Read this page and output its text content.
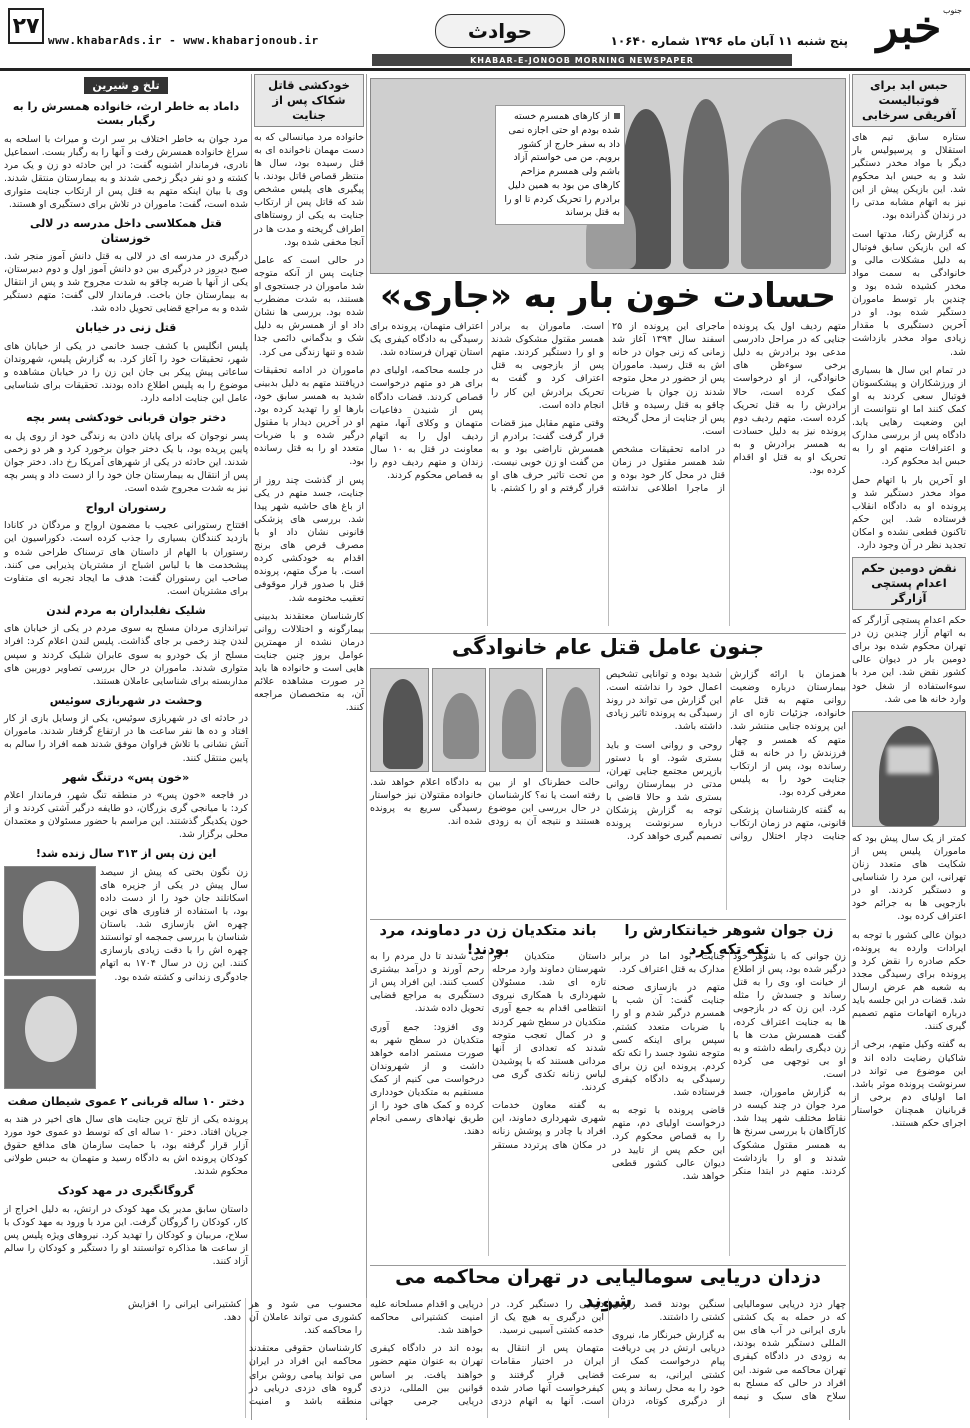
۲۷
www.khabarAds.ir - www.khabarjonoub.ir	حوادث	پنج شنبه ۱۱ آبان ماه ۱۳۹۶ شماره ۱۰۶۴۰ خبر جنوب
KHABAR-E-JONOOB MORNING NEWSPAPER
تلخ و شیرین
داماد به خاطر ارث، خانواده همسرش را به رگبار بست
مرد جوان به خاطر اختلاف بر سر ارث و میراث با اسلحه به سراغ خانواده همسرش رفت و آنها را به رگبار بست. اسماعیل نادری، فرماندار اشنویه گفت: در این حادثه دو زن و یک مرد کشته و دو نفر دیگر زخمی شدند و به بیمارستان منتقل شدند. وی با بیان اینکه متهم به قتل پس از ارتکاب جنایت متواری شده است، گفت: ماموران در تلاش برای دستگیری او هستند.
قتل همکلاسی داخل مدرسه در لالی خوزستان
درگیری در مدرسه ای در لالی به قتل دانش آموز منجر شد. صبح دیروز در درگیری بین دو دانش آموز اول و دوم دبیرستان، یکی از آنها با ضربه چاقو به شدت مجروح شد و پس از انتقال به بیمارستان جان باخت. فرماندار لالی گفت: متهم دستگیر شده و به مراجع قضایی تحویل داده شد.
قتل زنی در خیابان
پلیس انگلیس با کشف جسد خانمی در یکی از خیابان های شهر، تحقیقات خود را آغاز کرد. به گزارش پلیس، شهروندان ساعاتی پیش پیکر بی جان این زن را در خیابان مشاهده و موضوع را به پلیس اطلاع داده بودند. تحقیقات برای شناسایی عامل این جنایت ادامه دارد.
دختر جوان قربانی خودکشی پسر بچه
پسر نوجوان که برای پایان دادن به زندگی خود از روی پل به پایین پریده بود، با یک دختر جوان برخورد کرد و هر دو زخمی شدند. این حادثه در یکی از شهرهای آمریکا رخ داد. دختر جوان پس از انتقال به بیمارستان جان خود را از دست داد و پسر بچه نیز به شدت مجروح شده است.
رستوران ارواح
افتتاح رستورانی عجیب با مضمون ارواح و مردگان در کانادا بازدید کنندگان بسیاری را جذب کرده است. دکوراسیون این رستوران با الهام از داستان های ترسناک طراحی شده و پیشخدمت ها با لباس اشباح از مشتریان پذیرایی می کنند. صاحب این رستوران گفت: هدف ما ایجاد تجربه ای متفاوت برای مشتریان است.
شلیک نفلبداران به مردم لندن
تیراندازی مردان مسلح به سوی مردم در یکی از خیابان های لندن چند زخمی بر جای گذاشت. پلیس لندن اعلام کرد: افراد مسلح از یک خودرو به سوی عابران شلیک کردند و سپس متواری شدند. ماموران در حال بررسی تصاویر دوربین های مداربسته برای شناسایی عاملان هستند.
وحشت در شهربازی سوئیس
در حادثه ای در شهربازی سوئیس، یکی از وسایل بازی از کار افتاد و ده ها نفر ساعت ها در ارتفاع گرفتار شدند. ماموران آتش نشانی با تلاش فراوان موفق شدند همه افراد را سالم به پایین منتقل کنند.
«خون پس» درتنگ شهر
در فاجعه «خون پس» در منطقه تنگ شهر، فرماندار اعلام کرد: با میانجی گری بزرگان، دو طایفه درگیر آشتی کردند و از خون یکدیگر گذشتند. این مراسم با حضور مسئولان و معتمدان محلی برگزار شد.
این زن پس از ۳۱۳ سال زنده شد!
زن نگون بختی که پیش از سیصد سال پیش در یکی از جزیره های اسکاتلند جان خود را از دست داده بود، با استفاده از فناوری های نوین چهره اش بازسازی شد. باستان شناسان با بررسی جمجمه او توانستند چهره اش را با دقت زیادی بازسازی کنند. این زن در سال ۱۷۰۴ به اتهام جادوگری زندانی و کشته شده بود.
دختر ۱۰ ساله قربانی ۲ عموی شیطان صفت
پرونده یکی از تلخ ترین جنایت های سال های اخیر در هند به جریان افتاد. دختر ۱۰ ساله ای که توسط دو عموی خود مورد آزار قرار گرفته بود، با حمایت سازمان های مدافع حقوق کودکان پرونده اش به دادگاه رسید و متهمان به حبس طولانی محکوم شدند.
گروگانگیری در مهد کودک
داستان سابق مدیر یک مهد کودک در ارتش، به دلیل اخراج از کار، کودکان را گروگان گرفت. این مرد با ورود به مهد کودک با سلاح، مربیان و کودکان را تهدید کرد. نیروهای ویژه پلیس پس از ساعت ها مذاکره توانستند او را دستگیر و کودکان را سالم آزاد کنند.
خودکشی قاتل شکاک پس از جنایت
خانواده مرد میانسالی که به دست مهمان ناخوانده ای به قتل رسیده بود، سال ها منتظر قصاص قاتل بودند. با پیگیری های پلیس مشخص شد که قاتل پس از ارتکاب جنایت به یکی از روستاهای اطراف گریخته و مدت ها در آنجا مخفی شده بود.
در حالی است که عامل جنایت پس از آنکه متوجه شد ماموران در جستجوی او هستند، به شدت مضطرب شده بود. بررسی ها نشان داد او از همسرش به دلیل شک و بدگمانی دائمی جدا شده و تنها زندگی می کرد.
ماموران در ادامه تحقیقات دریافتند متهم به دلیل بدبینی شدید به همسر سابق خود، بارها او را تهدید کرده بود. او در آخرین دیدار با مقتول درگیر شده و با ضربات متعدد او را به قتل رسانده بود.
پس از گذشت چند روز از جنایت، جسد متهم در یکی از باغ های حاشیه شهر پیدا شد. بررسی های پزشکی قانونی نشان داد او با مصرف قرص های برنج اقدام به خودکشی کرده است. با مرگ متهم، پرونده قتل با صدور قرار موقوفی تعقیب مختومه شد.
کارشناسان معتقدند بدبینی بیمارگونه و اختلالات روانی درمان نشده از مهمترین عوامل بروز چنین جنایت هایی است و خانواده ها باید در صورت مشاهده علائم آن، به متخصصان مراجعه کنند.
از کارهای همسرم خسته شده بودم او حتی اجازه نمی داد به سفر خارج از کشور برویم. من می خواستم آزاد باشم ولی همسرم مزاحم کارهای من بود به همین دلیل برادرم را تحریک کردم تا او را به قتل برساند
حسادت خون بار به «جاری»
متهم ردیف اول یک پرونده جنایی که در مراحل دادرسی مدعی بود برادرش به دلیل برخی سوءظن های خانوادگی، از او درخواست کمک کرده است، حالا برادرش را به قتل تحریک کرده است. متهم ردیف دوم پرونده نیز به دلیل حسادت به همسر برادرش و به تحریک او به قتل او اقدام کرده بود.
ماجرای این پرونده از ۲۵ اسفند سال ۱۳۹۴ آغاز شد زمانی که زنی جوان در خانه اش به قتل رسید. ماموران پس از حضور در محل متوجه شدند زن جوان با ضربات چاقو به قتل رسیده و قاتل پس از جنایت از محل گریخته است.
در ادامه تحقیقات مشخص شد همسر مقتول در زمان قتل در محل کار خود بوده و از ماجرا اطلاعی نداشته است. ماموران به برادر همسر مقتول مشکوک شدند و او را دستگیر کردند. متهم پس از بازجویی به قتل اعتراف کرد و گفت به تحریک برادرش این کار را انجام داده است.
وقتی متهم مقابل میز قضات قرار گرفت گفت: برادرم از همسرش ناراضی بود و به من گفت او زن خوبی نیست. من تحت تاثیر حرف های او قرار گرفتم و او را کشتم. با اعتراف متهمان، پرونده برای رسیدگی به دادگاه کیفری یک استان تهران فرستاده شد.
در جلسه محاکمه، اولیای دم برای هر دو متهم درخواست قصاص کردند. قضات دادگاه پس از شنیدن دفاعیات متهمان و وکلای آنها، متهم ردیف اول را به اتهام معاونت در قتل به ۱۰ سال زندان و متهم ردیف دوم را به قصاص محکوم کردند.
جنون عامل قتل عام خانوادگی
همزمان با ارائه گزارش بیمارستان درباره وضعیت روانی متهم به قتل عام خانواده، جزئیات تازه ای از این پرونده جنایی منتشر شد. متهم که همسر و چهار فرزندش را در خانه به قتل رسانده بود، پس از ارتکاب جنایت خود را به پلیس معرفی کرده بود.
به گفته کارشناسان پزشکی قانونی، متهم در زمان ارتکاب جنایت دچار اختلال روانی شدید بوده و توانایی تشخیص اعمال خود را نداشته است. این گزارش می تواند در روند رسیدگی به پرونده تاثیر زیادی داشته باشد.
روحی و روانی است و باید بستری شود. او با دستور بازپرس مجتمع جنایی تهران، مدتی در بیمارستان روانی بستری شد و حالا قاضی با توجه به گزارش پزشکان درباره سرنوشت پرونده تصمیم گیری خواهد کرد.
حالت خطرناک او از بین رفته است یا نه؟ کارشناسان در حال بررسی این موضوع هستند و نتیجه آن به زودی به دادگاه اعلام خواهد شد. خانواده مقتولان نیز خواستار رسیدگی سریع به پرونده شده اند.
باند متکدیان زن در دماوند، مرد بودند!
داستان متکدیان در شهرستان دماوند وارد مرحله تازه ای شد. مسئولان شهرداری با همکاری نیروی انتظامی اقدام به جمع آوری متکدیان در سطح شهر کردند و در کمال تعجب متوجه شدند که تعدادی از آنها مردانی هستند که با پوشیدن لباس زنانه تکدی گری می کردند.
به گفته معاون خدمات شهری شهرداری دماوند، این افراد با چادر و پوشش زنانه در مکان های پرتردد مستقر می شدند تا دل مردم را به رحم آورند و درآمد بیشتری کسب کنند. این افراد پس از دستگیری به مراجع قضایی تحویل داده شدند.
وی افزود: جمع آوری متکدیان در سطح شهر به صورت مستمر ادامه خواهد داشت و از شهروندان درخواست می کنیم از کمک مستقیم به متکدیان خودداری کرده و کمک های خود را از طریق نهادهای رسمی انجام دهند.
زن جوان شوهر خیانتکارش را تکه تکه کرد
زن جوانی که با شوهر خود درگیر شده بود، پس از اطلاع از خیانت او، وی را به قتل رساند و جسدش را مثله کرد. این زن که در بازجویی ها به جنایت اعتراف کرده، گفت همسرش مدت ها با زن دیگری رابطه داشته و به او بی توجهی می کرده است.
به گزارش ماموران، جسد مرد جوان در چند کیسه در نقاط مختلف شهر پیدا شد. کارآگاهان با بررسی سرنخ ها به همسر مقتول مشکوک شدند و او را بازداشت کردند. متهم در ابتدا منکر جنایت بود اما در برابر مدارک به قتل اعتراف کرد.
متهم در بازسازی صحنه جنایت گفت: آن شب با همسرم درگیر شدم و او را با ضربات متعدد کشتم. سپس برای اینکه کسی متوجه نشود جسد را تکه تکه کردم. پرونده این زن برای رسیدگی به دادگاه کیفری فرستاده شد.
قاضی پرونده با توجه به درخواست اولیای دم، متهم را به قصاص محکوم کرد. این حکم پس از تایید در دیوان عالی کشور قطعی خواهد شد.
دزدان دریایی سومالیایی در تهران محاکمه می شوند	چهار دزد دریایی سومالیایی که در حمله به یک کشتی باری ایرانی در آب های بین المللی دستگیر شده بودند، به زودی در دادگاه کیفری تهران محاکمه می شوند. این افراد در حالی که مسلح به سلاح های سبک و نیمه سنگین بودند قصد ربودن کشتی را داشتند.
به گزارش خبرنگار ما، نیروی دریایی ارتش در پی دریافت پیام درخواست کمک از کشتی ایرانی، به سرعت خود را به محل رساند و پس از درگیری کوتاه، دزدان دریایی را دستگیر کرد. در این درگیری به هیچ یک از خدمه کشتی آسیبی نرسید.
متهمان پس از انتقال به ایران در اختیار مقامات قضایی قرار گرفتند و کیفرخواست آنها صادر شده است. آنها به اتهام دزدی دریایی و اقدام مسلحانه علیه امنیت کشتیرانی محاکمه خواهند شد.
بوده اند در دادگاه کیفری تهران به عنوان متهم حضور خواهند یافت. بر اساس قوانین بین المللی، دزدی دریایی جرمی جهانی محسوب می شود و هر کشوری می تواند عاملان آن را محاکمه کند.
کارشناسان حقوقی معتقدند محاکمه این افراد در ایران می تواند پیامی روشن برای گروه های دزدی دریایی در منطقه باشد و امنیت کشتیرانی ایرانی را افزایش دهد.
حبس ابد برای فوتبالیست آفریقی سرخابی
ستاره سابق تیم های استقلال و پرسپولیس بار دیگر با مواد مخدر دستگیر شد و به حبس ابد محکوم شد. این بازیکن پیش از این نیز به اتهام مشابه مدتی را در زندان گذرانده بود.
به گزارش رکنا، مدتها است که این بازیکن سابق فوتبال به دلیل مشکلات مالی و خانوادگی به سمت مواد مخدر کشیده شده بود و چندین بار توسط ماموران دستگیر شده بود. او در آخرین دستگیری با مقدار زیادی مواد مخدر بازداشت شد.
در تمام این سال ها بسیاری از ورزشکاران و پیشکسوتان فوتبال سعی کردند به او کمک کنند اما او نتوانست از این وضعیت رهایی یابد. دادگاه پس از بررسی مدارک و اعترافات متهم او را به حبس ابد محکوم کرد.
او آخرین بار با اتهام حمل مواد مخدر دستگیر شد و پرونده او به دادگاه انقلاب فرستاده شد. این حکم تاکنون قطعی نشده و امکان تجدید نظر در آن وجود دارد.
نقض دومین حکم اعدام پستچی آزارگر
حکم اعدام پستچی آزارگر که به اتهام آزار چندین زن در تهران محکوم شده بود برای دومین بار در دیوان عالی کشور نقض شد. این مرد با سوءاستفاده از شغل خود وارد خانه ها می شد.
کمتر از یک سال پیش بود که ماموران پلیس پس از شکایت های متعدد زنان تهرانی، این مرد را شناسایی و دستگیر کردند. او در بازجویی ها به جرائم خود اعتراف کرده بود.
دیوان عالی کشور با توجه به ایرادات وارده به پرونده، حکم صادره را نقض کرد و پرونده برای رسیدگی مجدد به شعبه هم عرض ارسال شد. قضات در این جلسه باید درباره اتهامات متهم تصمیم گیری کنند.
به گفته وکیل متهم، برخی از شاکیان رضایت داده اند و این موضوع می تواند در سرنوشت پرونده موثر باشد. اما اولیای دم برخی از قربانیان همچنان خواستار اجرای حکم هستند.
